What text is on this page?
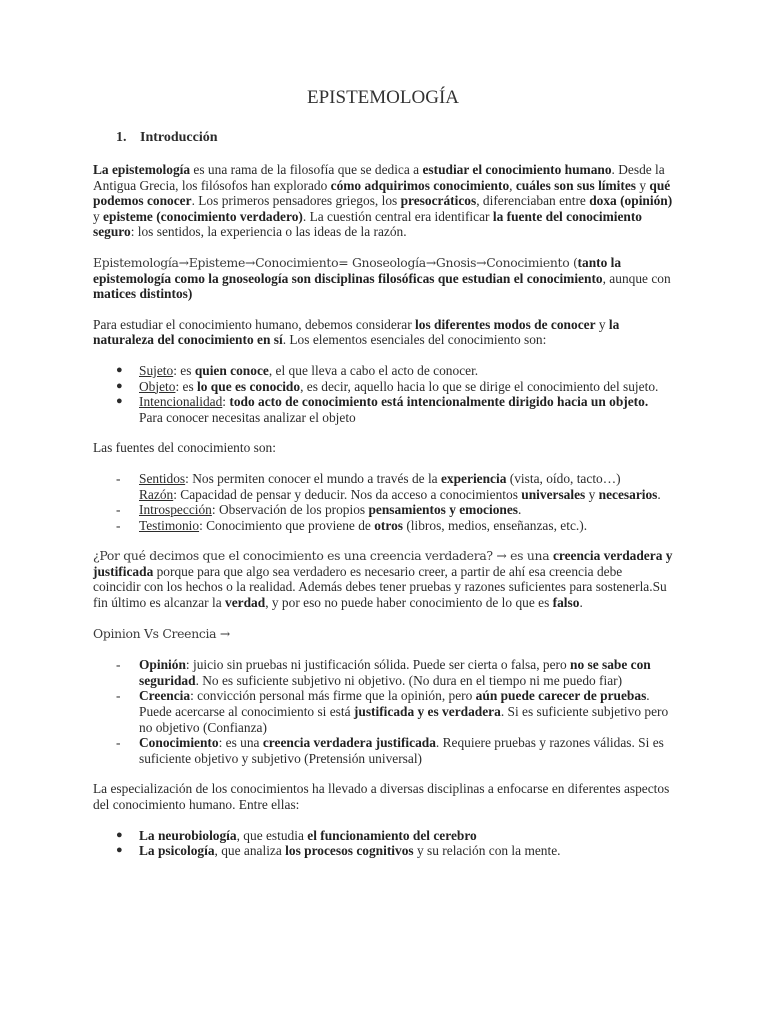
EPISTEMOLOGÍA
1. Introducción

La epistemología es una rama de la filosofía que se dedica a estudiar el conocimiento humano. Desde la Antigua Grecia, los filósofos han explorado cómo adquirimos conocimiento, cuáles son sus límites y qué podemos conocer. Los primeros pensadores griegos, los presocráticos, diferenciaban entre doxa (opinión) y episteme (conocimiento verdadero). La cuestión central era identificar la fuente del conocimiento seguro: los sentidos, la experiencia o las ideas de la razón.

Epistemología→Episteme→Conocimiento= Gnoseología→Gnosis→Conocimiento (tanto la epistemología como la gnoseología son disciplinas filosóficas que estudian el conocimiento, aunque con matices distintos)

Para estudiar el conocimiento humano, debemos considerar los diferentes modos de conocer y la naturaleza del conocimiento en sí. Los elementos esenciales del conocimiento son:

● Sujeto: es quien conoce, el que lleva a cabo el acto de conocer.
● Objeto: es lo que es conocido, es decir, aquello hacia lo que se dirige el conocimiento del sujeto.
● Intencionalidad: todo acto de conocimiento está intencionalmente dirigido hacia un objeto. Para conocer necesitas analizar el objeto

Las fuentes del conocimiento son:

- Sentidos: Nos permiten conocer el mundo a través de la experiencia (vista, oído, tacto…)
Razón: Capacidad de pensar y deducir. Nos da acceso a conocimientos universales y necesarios.
- Introspección: Observación de los propios pensamientos y emociones.
- Testimonio: Conocimiento que proviene de otros (libros, medios, enseñanzas, etc.).

¿Por qué decimos que el conocimiento es una creencia verdadera? → es una creencia verdadera y justificada porque para que algo sea verdadero es necesario creer, a partir de ahí esa creencia debe coincidir con los hechos o la realidad. Además debes tener pruebas y razones suficientes para sostenerla.Su fin último es alcanzar la verdad, y por eso no puede haber conocimiento de lo que es falso.

Opinion Vs Creencia →

- Opinión: juicio sin pruebas ni justificación sólida. Puede ser cierta o falsa, pero no se sabe con seguridad. No es suficiente subjetivo ni objetivo. (No dura en el tiempo ni me puedo fiar)
- Creencia: convicción personal más firme que la opinión, pero aún puede carecer de pruebas. Puede acercarse al conocimiento si está justificada y es verdadera. Si es suficiente subjetivo pero no objetivo (Confianza)
- Conocimiento: es una creencia verdadera justificada. Requiere pruebas y razones válidas. Si es suficiente objetivo y subjetivo (Pretensión universal)

La especialización de los conocimientos ha llevado a diversas disciplinas a enfocarse en diferentes aspectos del conocimiento humano. Entre ellas:

● La neurobiología, que estudia el funcionamiento del cerebro
● La psicología, que analiza los procesos cognitivos y su relación con la mente.
